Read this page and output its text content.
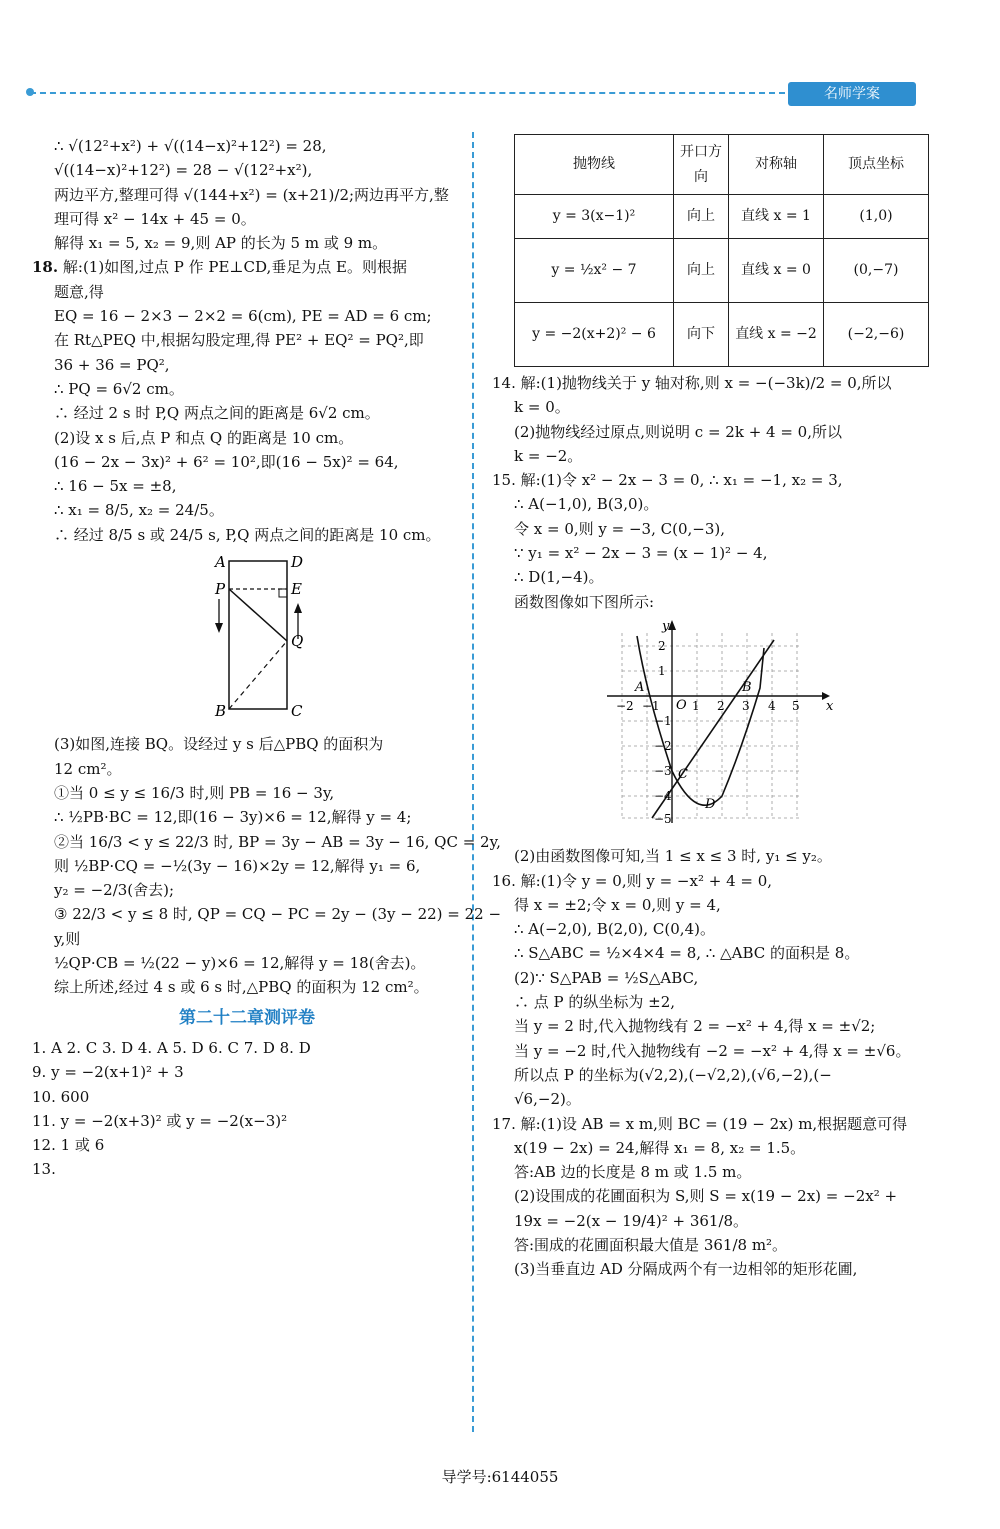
名师学案
∴ √(12²+x²) + √((14−x)²+12²) = 28,
√((14−x)²+12²) = 28 − √(12²+x²),
两边平方,整理可得 √(144+x²) = (x+21)/2;两边再平方,整
理可得 x² − 14x + 45 = 0。
解得 x₁ = 5, x₂ = 9,则 AP 的长为 5 m 或 9 m。
18. 解:(1)如图,过点 P 作 PE⊥CD,垂足为点 E。则根据
题意,得
EQ = 16 − 2×3 − 2×2 = 6(cm), PE = AD = 6 cm;
在 Rt△PEQ 中,根据勾股定理,得 PE² + EQ² = PQ²,即
36 + 36 = PQ²,
∴ PQ = 6√2 cm。
∴ 经过 2 s 时 P,Q 两点之间的距离是 6√2 cm。
(2)设 x s 后,点 P 和点 Q 的距离是 10 cm。
(16 − 2x − 3x)² + 6² = 10²,即(16 − 5x)² = 64,
∴ 16 − 5x = ±8,
∴ x₁ = 8/5, x₂ = 24/5。
∴ 经过 8/5 s 或 24/5 s, P,Q 两点之间的距离是 10 cm。
A	D
P	E
Q
B	C
(3)如图,连接 BQ。设经过 y s 后△PBQ 的面积为
12 cm²。
①当 0 ≤ y ≤ 16/3 时,则 PB = 16 − 3y,
∴ ½PB·BC = 12,即(16 − 3y)×6 = 12,解得 y = 4;
②当 16/3 < y ≤ 22/3 时, BP = 3y − AB = 3y − 16, QC = 2y,
则 ½BP·CQ = −½(3y − 16)×2y = 12,解得 y₁ = 6,
y₂ = −2/3(舍去);
③ 22/3 < y ≤ 8 时, QP = CQ − PC = 2y − (3y − 22) = 22 −
y,则
½QP·CB = ½(22 − y)×6 = 12,解得 y = 18(舍去)。
综上所述,经过 4 s 或 6 s 时,△PBQ 的面积为 12 cm²。
第二十二章测评卷
1. A 2. C 3. D 4. A 5. D 6. C 7. D 8. D
9. y = −2(x+1)² + 3
10. 600
11. y = −2(x+3)² 或 y = −2(x−3)²
12. 1 或 6
13.
抛物线	开口方向	对称轴	顶点坐标
y = 3(x−1)²	向上	直线 x = 1	(1,0)
y = ½x² − 7	向上	直线 x = 0	(0,−7)
y = −2(x+2)² − 6	向下	直线 x = −2	(−2,−6)
14. 解:(1)抛物线关于 y 轴对称,则 x = −(−3k)/2 = 0,所以
k = 0。
(2)抛物线经过原点,则说明 c = 2k + 4 = 0,所以
k = −2。
15. 解:(1)令 x² − 2x − 3 = 0, ∴ x₁ = −1, x₂ = 3,
∴ A(−1,0), B(3,0)。
令 x = 0,则 y = −3, C(0,−3),
∵ y₁ = x² − 2x − 3 = (x − 1)² − 4,
∴ D(1,−4)。
函数图像如下图所示:
y
x
O
A	B
C
D
−2 −1	1 2 3 4 5
2
1
−1
−2
−3
−4
−5
(2)由函数图像可知,当 1 ≤ x ≤ 3 时, y₁ ≤ y₂。
16. 解:(1)令 y = 0,则 y = −x² + 4 = 0,
得 x = ±2;令 x = 0,则 y = 4,
∴ A(−2,0), B(2,0), C(0,4)。
∴ S△ABC = ½×4×4 = 8, ∴ △ABC 的面积是 8。
(2)∵ S△PAB = ½S△ABC,
∴ 点 P 的纵坐标为 ±2,
当 y = 2 时,代入抛物线有 2 = −x² + 4,得 x = ±√2;
当 y = −2 时,代入抛物线有 −2 = −x² + 4,得 x = ±√6。
所以点 P 的坐标为(√2,2),(−√2,2),(√6,−2),(−
√6,−2)。
17. 解:(1)设 AB = x m,则 BC = (19 − 2x) m,根据题意可得
x(19 − 2x) = 24,解得 x₁ = 8, x₂ = 1.5。
答:AB 边的长度是 8 m 或 1.5 m。
(2)设围成的花圃面积为 S,则 S = x(19 − 2x) = −2x² +
19x = −2(x − 19/4)² + 361/8。
答:围成的花圃面积最大值是 361/8 m²。
(3)当垂直边 AD 分隔成两个有一边相邻的矩形花圃,
导学号:6144055
